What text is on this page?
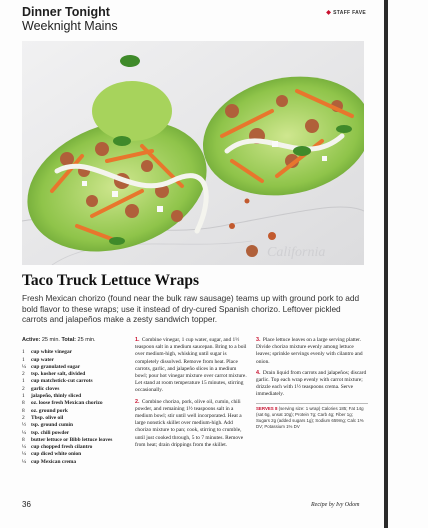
Dinner Tonight
Weeknight Mains
◆ STAFF FAVE
California
Taco Truck Lettuce Wraps

Fresh Mexican chorizo (found near the bulk raw sausage) teams up with ground pork to add bold flavor to these wraps; use it instead of dry-cured Spanish chorizo. Leftover pickled carrots and jalapeños make a zesty sandwich topper.

Active: 25 min. Total: 25 min.
1	cup white vinegar
1	cup water
¼ cup granulated sugar
2	tsp. kosher salt, divided
1	cup matchstick-cut carrots
2	garlic cloves
1	jalapeño, thinly sliced
8	oz. loose fresh Mexican chorizo
8	oz. ground pork
2	Tbsp. olive oil
½ tsp. ground cumin
¼ tsp. chili powder
8	butter lettuce or Bibb lettuce leaves
¼ cup chopped fresh cilantro
¼ cup diced white onion
¼ cup Mexican crema

1. Combine vinegar, 1 cup water, sugar, and 1½ teaspoon salt in a medium saucepan. Bring to a boil over medium-high, whisking until sugar is completely dissolved. Remove from heat. Place carrots, garlic, and jalapeño slices in a medium bowl; pour hot vinegar mixture over carrot mixture. Let stand at room temperature 15 minutes, stirring occasionally.

2. Combine chorizo, pork, olive oil, cumin, chili powder, and remaining 1½ teaspoons salt in a medium bowl; stir until well incorporated. Heat a large nonstick skillet over medium-high. Add chorizo mixture to pan; cook, stirring to crumble, until just cooked through, 5 to 7 minutes. Remove from heat; drain drippings from the skillet.

3. Place lettuce leaves on a large serving platter. Divide chorizo mixture evenly among lettuce leaves; sprinkle servings evenly with cilantro and onion.

4. Drain liquid from carrots and jalapeños; discard garlic. Top each wrap evenly with carrot mixture; drizzle each with 1½ teaspoons crema. Serve immediately.

SERVES 8 (serving size: 1 wrap) Calories 185; Fat 14g (sat 6g, unsat 10g); Protein 7g; Carb 4g; Fiber 1g; Sugars 2g (added sugars 1g); Sodium 659mg; Calc 1% DV; Potassium 1% DV

36	Recipe by Ivy Odom
